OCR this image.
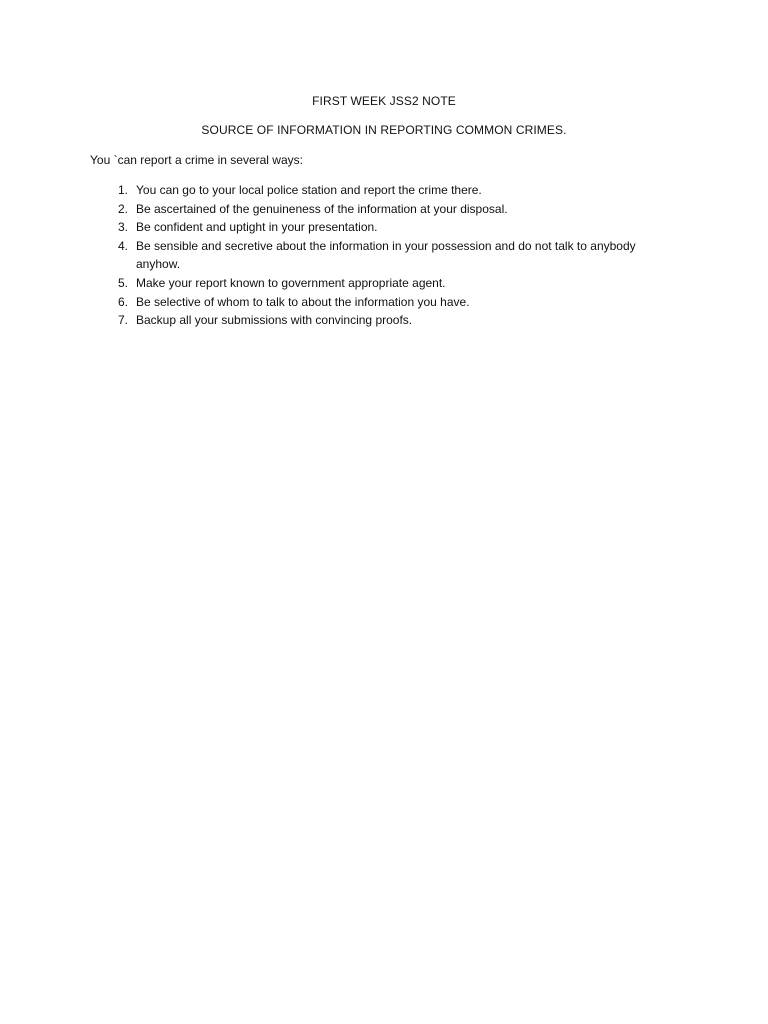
FIRST WEEK JSS2 NOTE
SOURCE OF INFORMATION IN REPORTING COMMON CRIMES.
You `can report a crime in several ways:
1. You can go to your local police station and report the crime there.
2. Be ascertained of the genuineness of the information at your disposal.
3. Be confident and uptight in your presentation.
4. Be sensible and secretive about the information in your possession and do not talk to anybody anyhow.
5. Make your report known to government appropriate agent.
6. Be selective of whom to talk to about the information you have.
7. Backup all your submissions with convincing proofs.
